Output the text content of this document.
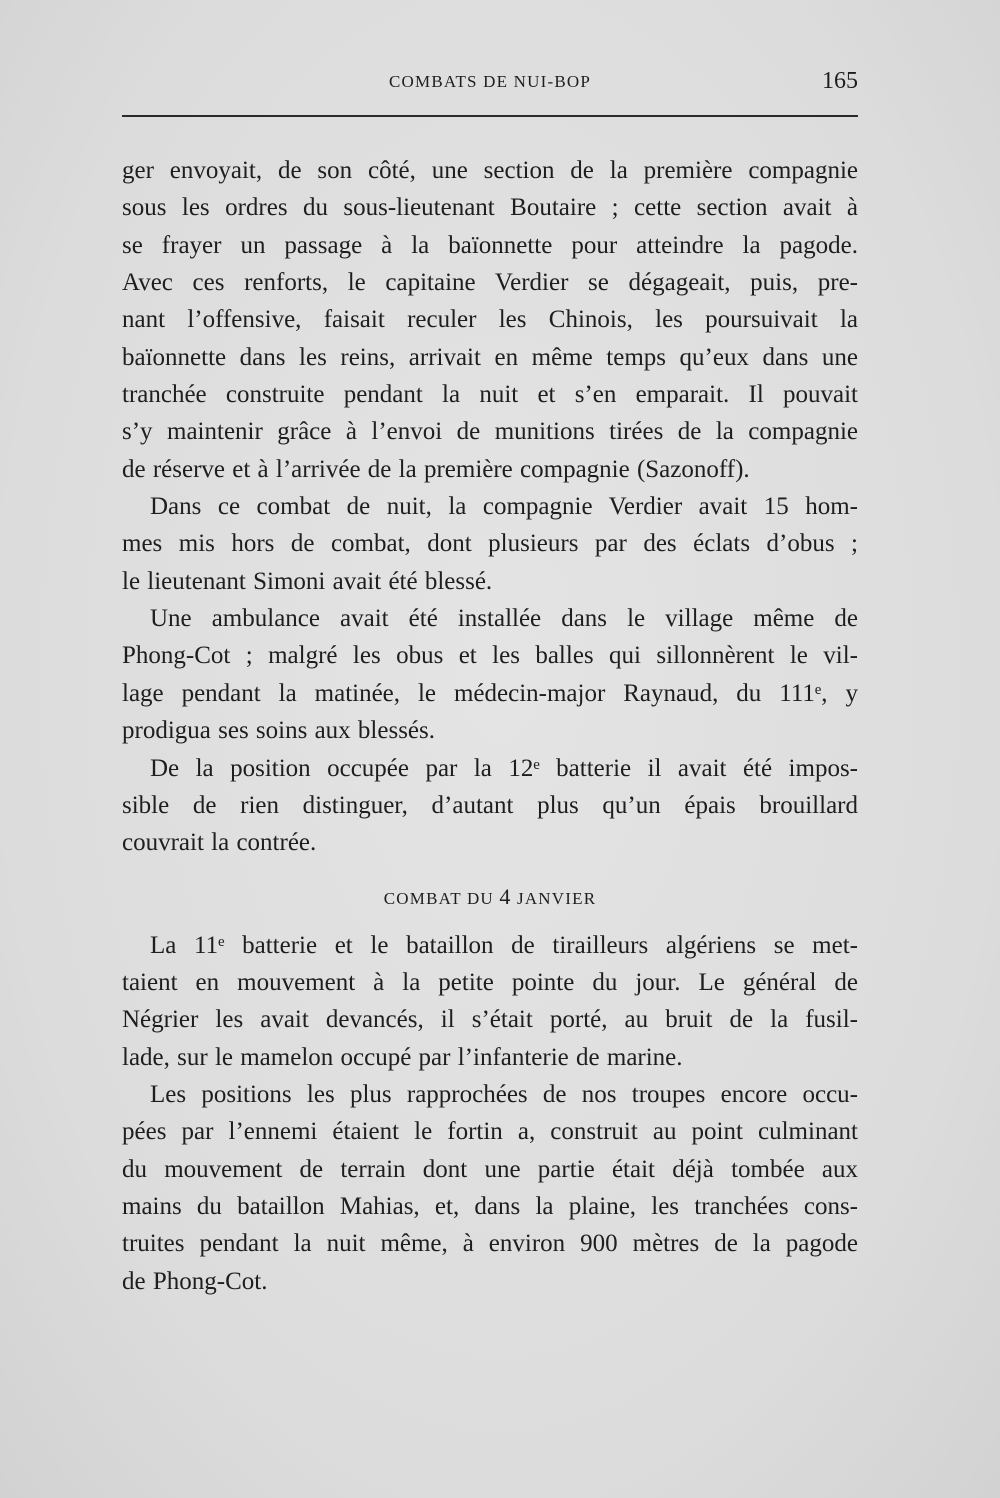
COMBATS DE NUI-BOP	165
ger envoyait, de son côté, une section de la première compagnie
sous les ordres du sous-lieutenant Boutaire ; cette section avait à
se frayer un passage à la baïonnette pour atteindre la pagode.
Avec ces renforts, le capitaine Verdier se dégageait, puis, pre-
nant l’offensive, faisait reculer les Chinois, les poursuivait la
baïonnette dans les reins, arrivait en même temps qu’eux dans une
tranchée construite pendant la nuit et s’en emparait. Il pouvait
s’y maintenir grâce à l’envoi de munitions tirées de la compagnie
de réserve et à l’arrivée de la première compagnie (Sazonoff).
Dans ce combat de nuit, la compagnie Verdier avait 15 hom-
mes mis hors de combat, dont plusieurs par des éclats d’obus ;
le lieutenant Simoni avait été blessé.
Une ambulance avait été installée dans le village même de
Phong-Cot ; malgré les obus et les balles qui sillonnèrent le vil-
lage pendant la matinée, le médecin-major Raynaud, du 111ᵉ, y
prodigua ses soins aux blessés.
De la position occupée par la 12ᵉ batterie il avait été impos-
sible de rien distinguer, d’autant plus qu’un épais brouillard
couvrait la contrée.
COMBAT DU 4 JANVIER
La 11ᵉ batterie et le bataillon de tirailleurs algériens se met-
taient en mouvement à la petite pointe du jour. Le général de
Négrier les avait devancés, il s’était porté, au bruit de la fusil-
lade, sur le mamelon occupé par l’infanterie de marine.
Les positions les plus rapprochées de nos troupes encore occu-
pées par l’ennemi étaient le fortin a, construit au point culminant
du mouvement de terrain dont une partie était déjà tombée aux
mains du bataillon Mahias, et, dans la plaine, les tranchées cons-
truites pendant la nuit même, à environ 900 mètres de la pagode
de Phong-Cot.
